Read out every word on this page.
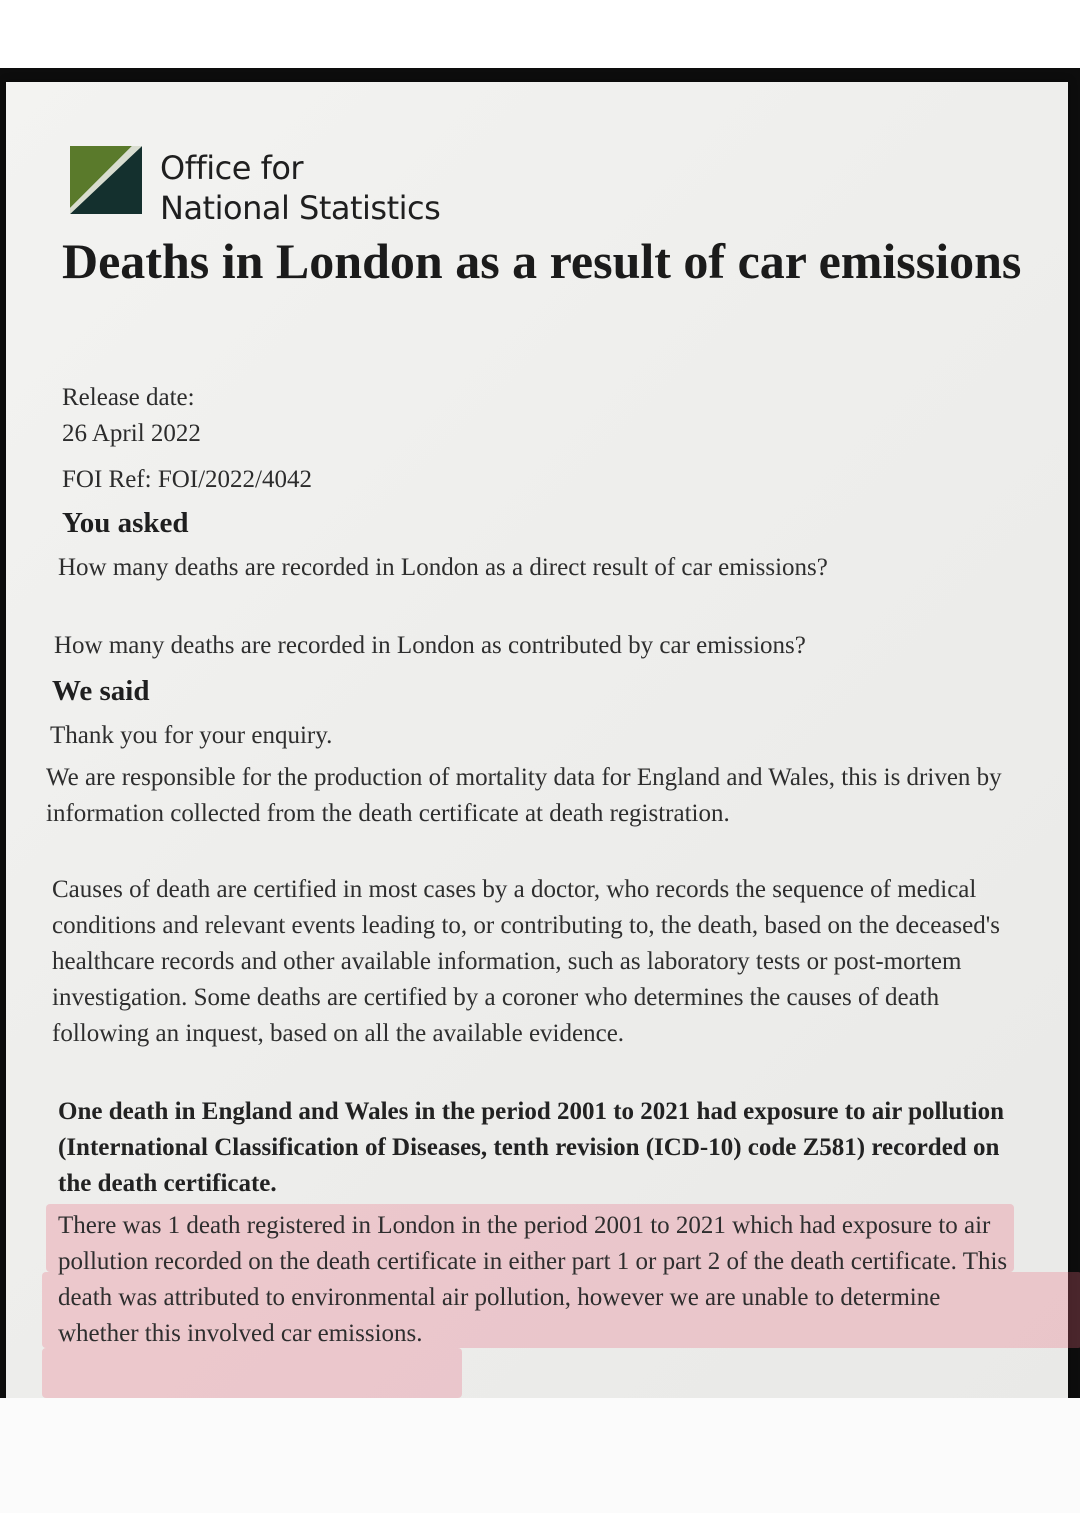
Office for
National Statistics
Deaths in London as a result of car emissions
Release date:
26 April 2022
FOI Ref: FOI/2022/4042
You asked
How many deaths are recorded in London as a direct result of car emissions?
How many deaths are recorded in London as contributed by car emissions?
We said
Thank you for your enquiry.
We are responsible for the production of mortality data for England and Wales, this is driven by information collected from the death certificate at death registration.
Causes of death are certified in most cases by a doctor, who records the sequence of medical conditions and relevant events leading to, or contributing to, the death, based on the deceased's healthcare records and other available information, such as laboratory tests or post-mortem investigation. Some deaths are certified by a coroner who determines the causes of death following an inquest, based on all the available evidence.
One death in England and Wales in the period 2001 to 2021 had exposure to air pollution (International Classification of Diseases, tenth revision (ICD-10) code Z581) recorded on the death certificate.
There was 1 death registered in London in the period 2001 to 2021 which had exposure to air pollution recorded on the death certificate in either part 1 or part 2 of the death certificate. This death was attributed to environmental air pollution, however we are unable to determine whether this involved car emissions.
